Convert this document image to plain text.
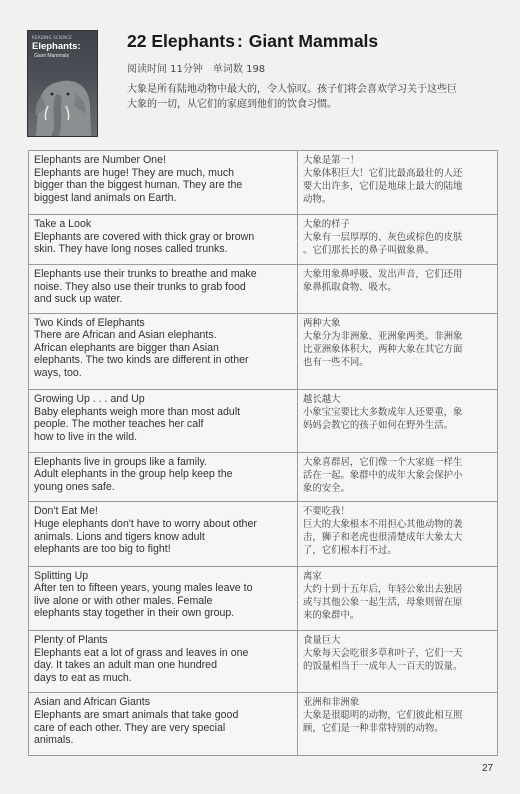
READING SCIENCE
Elephants:
Giant Mammals
22 Elephants : Giant Mammals
阅读时间 11分钟 单词数 198
大象是所有陆地动物中最大的，令人惊叹。孩子们将会喜欢学习关于这些巨
大象的一切，从它们的家庭到他们的饮食习惯。
Elephants are Number One!
Elephants are huge! They are much, much
bigger than the biggest human. They are the
biggest land animals on Earth.	大象是第一！
大象体积巨大！它们比最高最壮的人还
要大出许多，它们是地球上最大的陆地
动物。

Take a Look
Elephants are covered with thick gray or brown
skin. They have long noses called trunks.	大象的样子
大象有一层厚厚的、灰色或棕色的皮肤
。它们那长长的鼻子叫做象鼻。

Elephants use their trunks to breathe and make
noise. They also use their trunks to grab food
and suck up water.	大象用象鼻呼吸、发出声音，它们还用
象鼻抓取食物、吸水。

Two Kinds of Elephants
There are African and Asian elephants.
African elephants are bigger than Asian
elephants. The two kinds are different in other
ways, too.	两种大象
大象分为非洲象、亚洲象两类。非洲象
比亚洲象体积大，两种大象在其它方面
也有一些不同。

Growing Up . . . and Up
Baby elephants weigh more than most adult
people. The mother teaches her calf
how to live in the wild.	越长越大
小象宝宝要比大多数成年人还要重，象
妈妈会教它的孩子如何在野外生活。

Elephants live in groups like a family.
Adult elephants in the group help keep the
young ones safe.	大象喜群居，它们像一个大家庭一样生
活在一起。象群中的成年大象会保护小
象的安全。

Don't Eat Me!
Huge elephants don't have to worry about other
animals. Lions and tigers know adult
elephants are too big to fight!	不要吃我！
巨大的大象根本不用担心其他动物的袭
击，狮子和老虎也很清楚成年大象太大
了，它们根本打不过。

Splitting Up
After ten to fifteen years, young males leave to
live alone or with other males. Female
elephants stay together in their own group.	离家
大约十到十五年后，年轻公象出去独居
或与其他公象一起生活，母象则留在原
来的象群中。

Plenty of Plants
Elephants eat a lot of grass and leaves in one
day. It takes an adult man one hundred
days to eat as much.	食量巨大
大象每天会吃很多草和叶子，它们一天
的饭量相当于一成年人一百天的饭量。

Asian and African Giants
Elephants are smart animals that take good
care of each other. They are very special
animals.	亚洲和非洲象
大象是很聪明的动物，它们彼此相互照
顾，它们是一种非常特别的动物。
27
